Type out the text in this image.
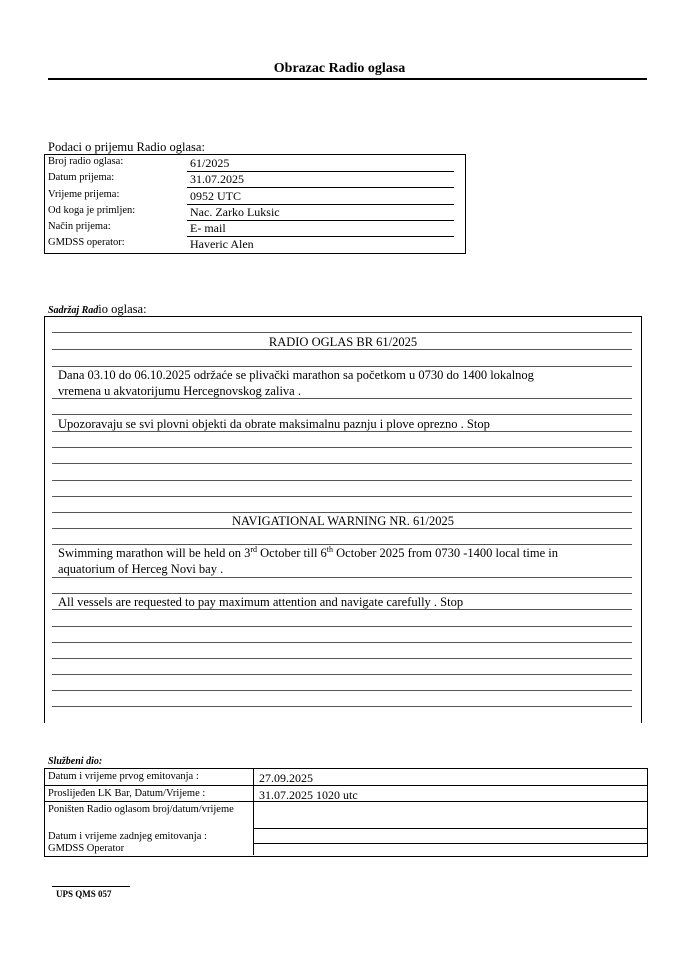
Obrazac Radio oglasa
Podaci o prijemu Radio oglasa:
Broj radio oglasa:	61/2025
Datum prijema:	31.07.2025
Vrijeme prijema:	0952 UTC
Od koga je primljen:	Nac. Zarko Luksic
Način prijema:	E- mail
GMDSS operator:	Haveric Alen
Sadržaj Radio oglasa:
RADIO OGLAS BR 61/2025
Dana 03.10 do 06.10.2025 održaće se plivački marathon sa početkom u 0730 do 1400 lokalnog
vremena u akvatorijumu Hercegnovskog zaliva .
Upozoravaju se svi plovni objekti da obrate maksimalnu paznju i plove oprezno . Stop
NAVIGATIONAL WARNING NR. 61/2025
Swimming marathon will be held on 3rd October till 6th October 2025 from 0730 -1400 local time in
aquatorium of Herceg Novi bay .
All vessels are requested to pay maximum attention and navigate carefully . Stop
Službeni dio:
Datum i vrijeme prvog emitovanja :	27.09.2025
Proslijeđen LK Bar, Datum/Vrijeme :	31.07.2025 1020 utc
Poništen Radio oglasom broj/datum/vrijeme
Datum i vrijeme zadnjeg emitovanja :
GMDSS Operator
UPS QMS 057
